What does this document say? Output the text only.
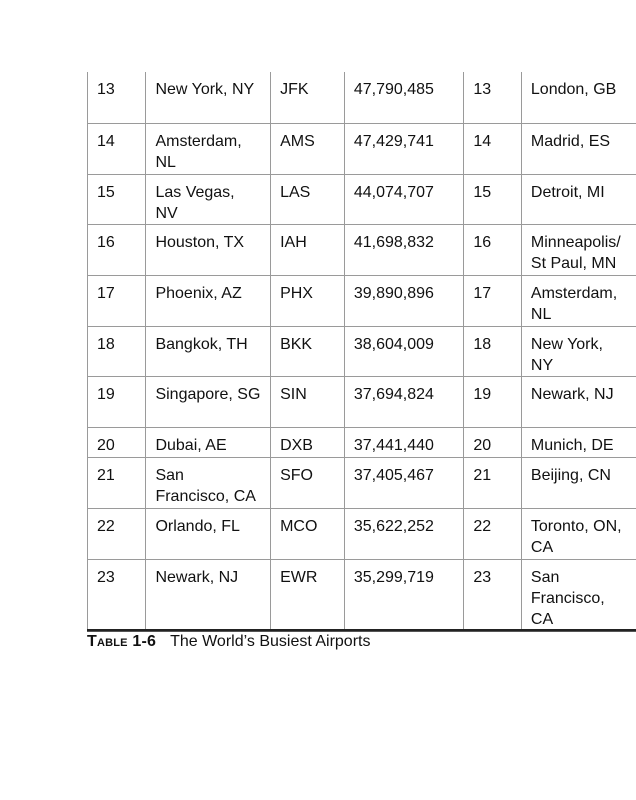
13	New York, NY	JFK	47,790,485	13	London, GB
14	Amsterdam, NL	AMS	47,429,741	14	Madrid, ES
15	Las Vegas, NV	LAS	44,074,707	15	Detroit, MI
16	Houston, TX	IAH	41,698,832	16	Minneapolis/ St Paul, MN
17	Phoenix, AZ	PHX	39,890,896	17	Amsterdam, NL
18	Bangkok, TH	BKK	38,604,009	18	New York, NY
19	Singapore, SG	SIN	37,694,824	19	Newark, NJ
20	Dubai, AE	DXB	37,441,440	20	Munich, DE
21	San Francisco, CA	SFO	37,405,467	21	Beijing, CN
22	Orlando, FL	MCO	35,622,252	22	Toronto, ON, CA
23	Newark, NJ	EWR	35,299,719	23	San Francisco, CA
Table 1-6 The World’s Busiest Airports
